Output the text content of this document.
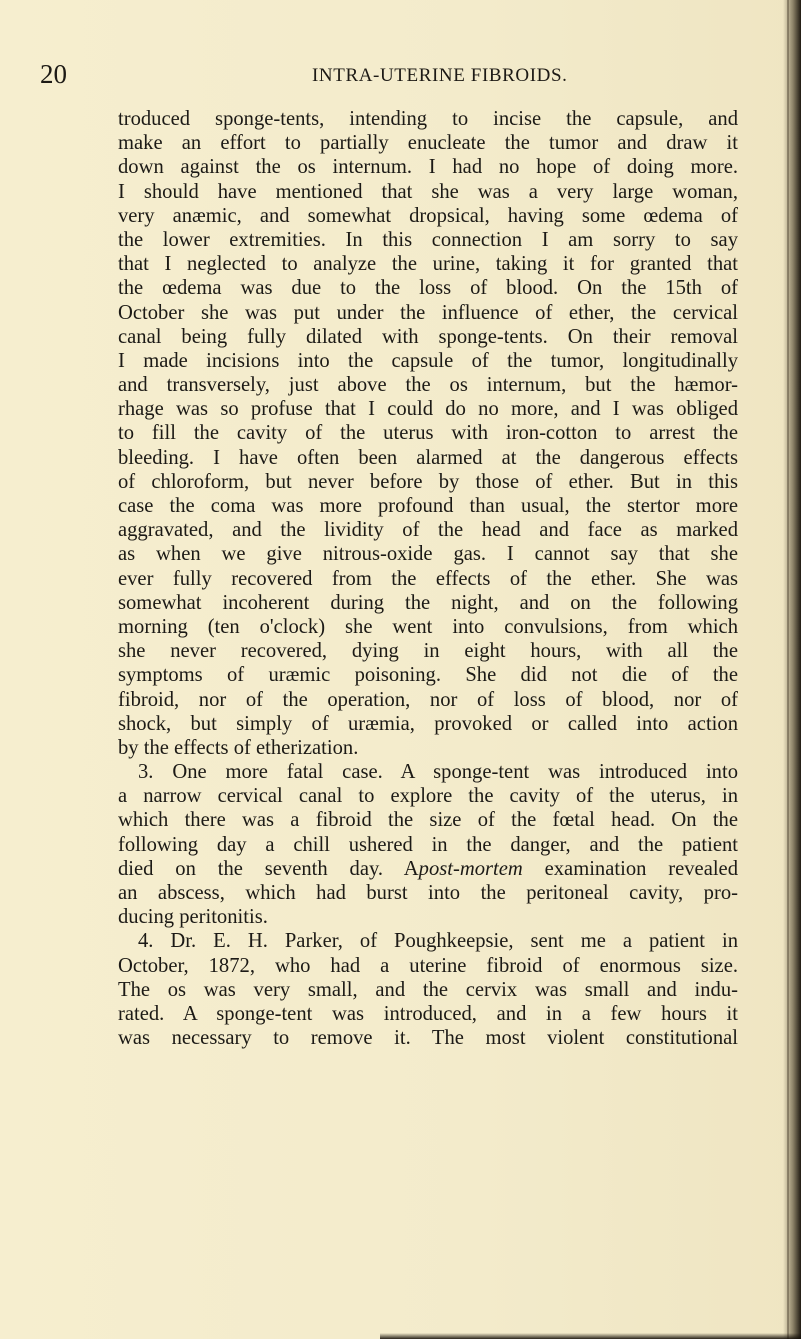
20	INTRA-UTERINE FIBROIDS.
troduced sponge-tents, intending to incise the capsule, and
make an effort to partially enucleate the tumor and draw it
down against the os internum. I had no hope of doing more.
I should have mentioned that she was a very large woman,
very anæmic, and somewhat dropsical, having some œdema of
the lower extremities. In this connection I am sorry to say
that I neglected to analyze the urine, taking it for granted that
the œdema was due to the loss of blood. On the 15th of
October she was put under the influence of ether, the cervical
canal being fully dilated with sponge-tents. On their removal
I made incisions into the capsule of the tumor, longitudinally
and transversely, just above the os internum, but the hæmor-
rhage was so profuse that I could do no more, and I was obliged
to fill the cavity of the uterus with iron-cotton to arrest the
bleeding. I have often been alarmed at the dangerous effects
of chloroform, but never before by those of ether. But in this
case the coma was more profound than usual, the stertor more
aggravated, and the lividity of the head and face as marked
as when we give nitrous-oxide gas. I cannot say that she
ever fully recovered from the effects of the ether. She was
somewhat incoherent during the night, and on the following
morning (ten o'clock) she went into convulsions, from which
she never recovered, dying in eight hours, with all the
symptoms of uræmic poisoning. She did not die of the
fibroid, nor of the operation, nor of loss of blood, nor of
shock, but simply of uræmia, provoked or called into action
by the effects of etherization.
3. One more fatal case. A sponge-tent was introduced into
a narrow cervical canal to explore the cavity of the uterus, in
which there was a fibroid the size of the fœtal head. On the
following day a chill ushered in the danger, and the patient
died on the seventh day. Apost-mortem examination revealed
an abscess, which had burst into the peritoneal cavity, pro-
ducing peritonitis.
4. Dr. E. H. Parker, of Poughkeepsie, sent me a patient in
October, 1872, who had a uterine fibroid of enormous size.
The os was very small, and the cervix was small and indu-
rated. A sponge-tent was introduced, and in a few hours it
was necessary to remove it. The most violent constitutional
